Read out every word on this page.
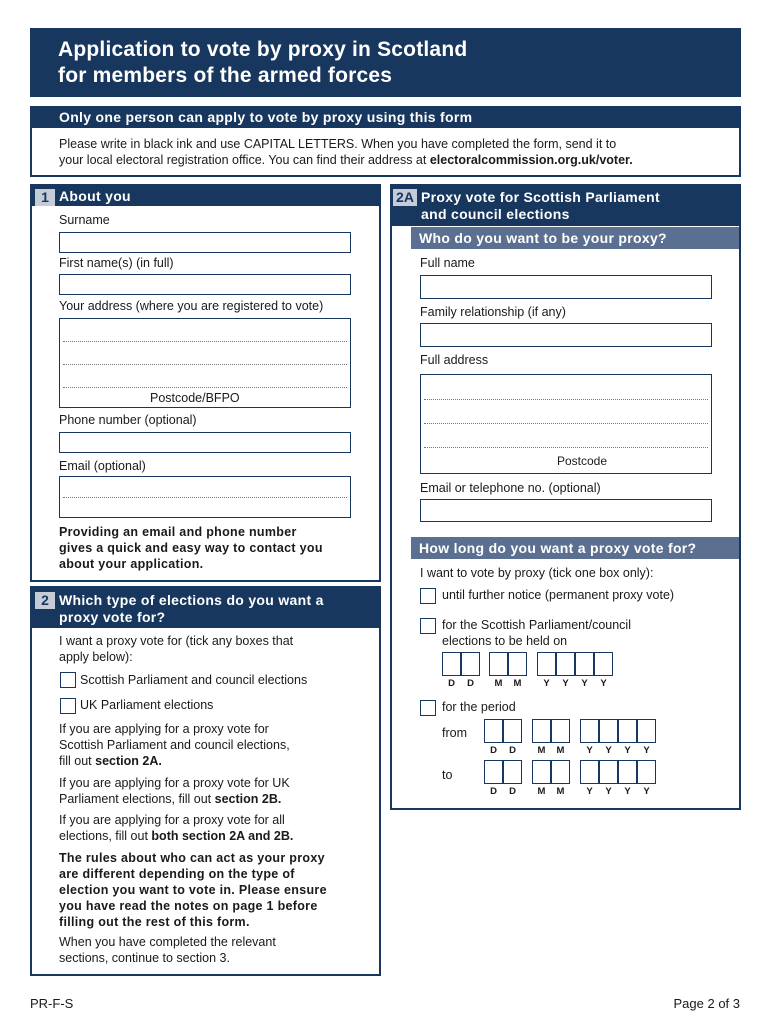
Application to vote by proxy in Scotland
for members of the armed forces
Only one person can apply to vote by proxy using this form
Please write in black ink and use CAPITAL LETTERS. When you have completed the form, send it to
your local electoral registration office. You can find their address at electoralcommission.org.uk/voter.
1 About you
Surname
First name(s) (in full)
Your address (where you are registered to vote)
Postcode/BFPO
Phone number (optional)
Email (optional)
Providing an email and phone number
gives a quick and easy way to contact you
about your application.
2 Which type of elections do you want a
proxy vote for?
I want a proxy vote for (tick any boxes that
apply below):
Scottish Parliament and council elections
UK Parliament elections
If you are applying for a proxy vote for
Scottish Parliament and council elections,
fill out section 2A.
If you are applying for a proxy vote for UK
Parliament elections, fill out section 2B.
If you are applying for a proxy vote for all
elections, fill out both section 2A and 2B.
The rules about who can act as your proxy
are different depending on the type of
election you want to vote in. Please ensure
you have read the notes on page 1 before
filling out the rest of this form.
When you have completed the relevant
sections, continue to section 3.
2A Proxy vote for Scottish Parliament
and council elections
Who do you want to be your proxy?
Full name
Family relationship (if any)
Full address
Postcode
Email or telephone no. (optional)
How long do you want a proxy vote for?
I want to vote by proxy (tick one box only):
until further notice (permanent proxy vote)
for the Scottish Parliament/council
elections to be held on
D	D	M	M	Y	Y	Y	Y
for the period
from
D	D	M	M	Y	Y	Y	Y
to
D	D	M	M	Y	Y	Y	Y
PR-F-S	Page 2 of 3
